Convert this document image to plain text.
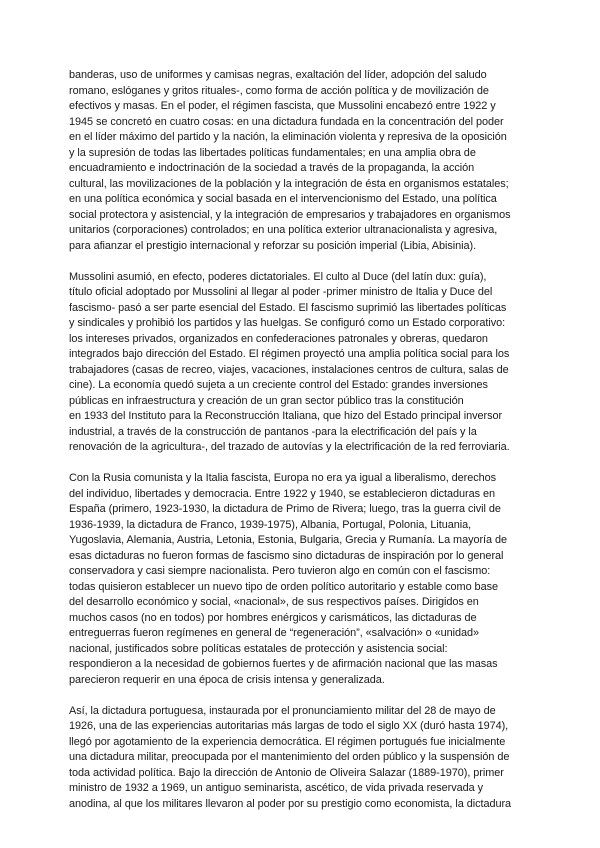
banderas, uso de uniformes y camisas negras, exaltación del líder, adopción del saludo
romano, eslóganes y gritos rituales-, como forma de acción política y de movilización de
efectivos y masas. En el poder, el régimen fascista, que Mussolini encabezó entre 1922 y
1945 se concretó en cuatro cosas: en una dictadura fundada en la concentración del poder
en el líder máximo del partido y la nación, la eliminación violenta y represiva de la oposición
y la supresión de todas las libertades políticas fundamentales; en una amplia obra de
encuadramiento e indoctrinación de la sociedad a través de la propaganda, la acción
cultural, las movilizaciones de la población y la integración de ésta en organismos estatales;
en una política económica y social basada en el intervencionismo del Estado, una política
social protectora y asistencial, y la integración de empresarios y trabajadores en organismos
unitarios (corporaciones) controlados; en una política exterior ultranacionalista y agresiva,
para afianzar el prestigio internacional y reforzar su posición imperial (Libia, Abisinia).

Mussolini asumió, en efecto, poderes dictatoriales. El culto al Duce (del latín dux: guía),
título oficial adoptado por Mussolini al llegar al poder -primer ministro de Italia y Duce del
fascismo- pasó a ser parte esencial del Estado. El fascismo suprimió las libertades políticas
y sindicales y prohibió los partidos y las huelgas. Se configuró como un Estado corporativo:
los intereses privados, organizados en confederaciones patronales y obreras, quedaron
integrados bajo dirección del Estado. El régimen proyectó una amplia política social para los
trabajadores (casas de recreo, viajes, vacaciones, instalaciones centros de cultura, salas de
cine). La economía quedó sujeta a un creciente control del Estado: grandes inversiones
públicas en infraestructura y creación de un gran sector público tras la constitución
en 1933 del Instituto para la Reconstrucción Italiana, que hizo del Estado principal inversor
industrial, a través de la construcción de pantanos -para la electrificación del país y la
renovación de la agricultura-, del trazado de autovías y la electrificación de la red ferroviaria.

Con la Rusia comunista y la Italia fascista, Europa no era ya igual a liberalismo, derechos
del individuo, libertades y democracia. Entre 1922 y 1940, se establecieron dictaduras en
España (primero, 1923-1930, la dictadura de Primo de Rivera; luego, tras la guerra civil de
1936-1939, la dictadura de Franco, 1939-1975), Albania, Portugal, Polonia, Lituania,
Yugoslavia, Alemania, Austria, Letonia, Estonia, Bulgaria, Grecia y Rumanía. La mayoría de
esas dictaduras no fueron formas de fascismo sino dictaduras de inspiración por lo general
conservadora y casi siempre nacionalista. Pero tuvieron algo en común con el fascismo:
todas quisieron establecer un nuevo tipo de orden político autoritario y estable como base
del desarrollo económico y social, «nacional», de sus respectivos países. Dirigidos en
muchos casos (no en todos) por hombres enérgicos y carismáticos, las dictaduras de
entreguerras fueron regímenes en general de “regeneración”, «salvación» o «unidad»
nacional, justificados sobre políticas estatales de protección y asistencia social:
respondieron a la necesidad de gobiernos fuertes y de afirmación nacional que las masas
parecieron requerir en una época de crisis intensa y generalizada.

Así, la dictadura portuguesa, instaurada por el pronunciamiento militar del 28 de mayo de
1926, una de las experiencias autoritarias más largas de todo el siglo XX (duró hasta 1974),
llegó por agotamiento de la experiencia democrática. El régimen portugués fue inicialmente
una dictadura militar, preocupada por el mantenimiento del orden público y la suspensión de
toda actividad política. Bajo la dirección de Antonio de Oliveira Salazar (1889-1970), primer
ministro de 1932 a 1969, un antiguo seminarista, ascético, de vida privada reservada y
anodina, al que los militares llevaron al poder por su prestigio como economista, la dictadura
